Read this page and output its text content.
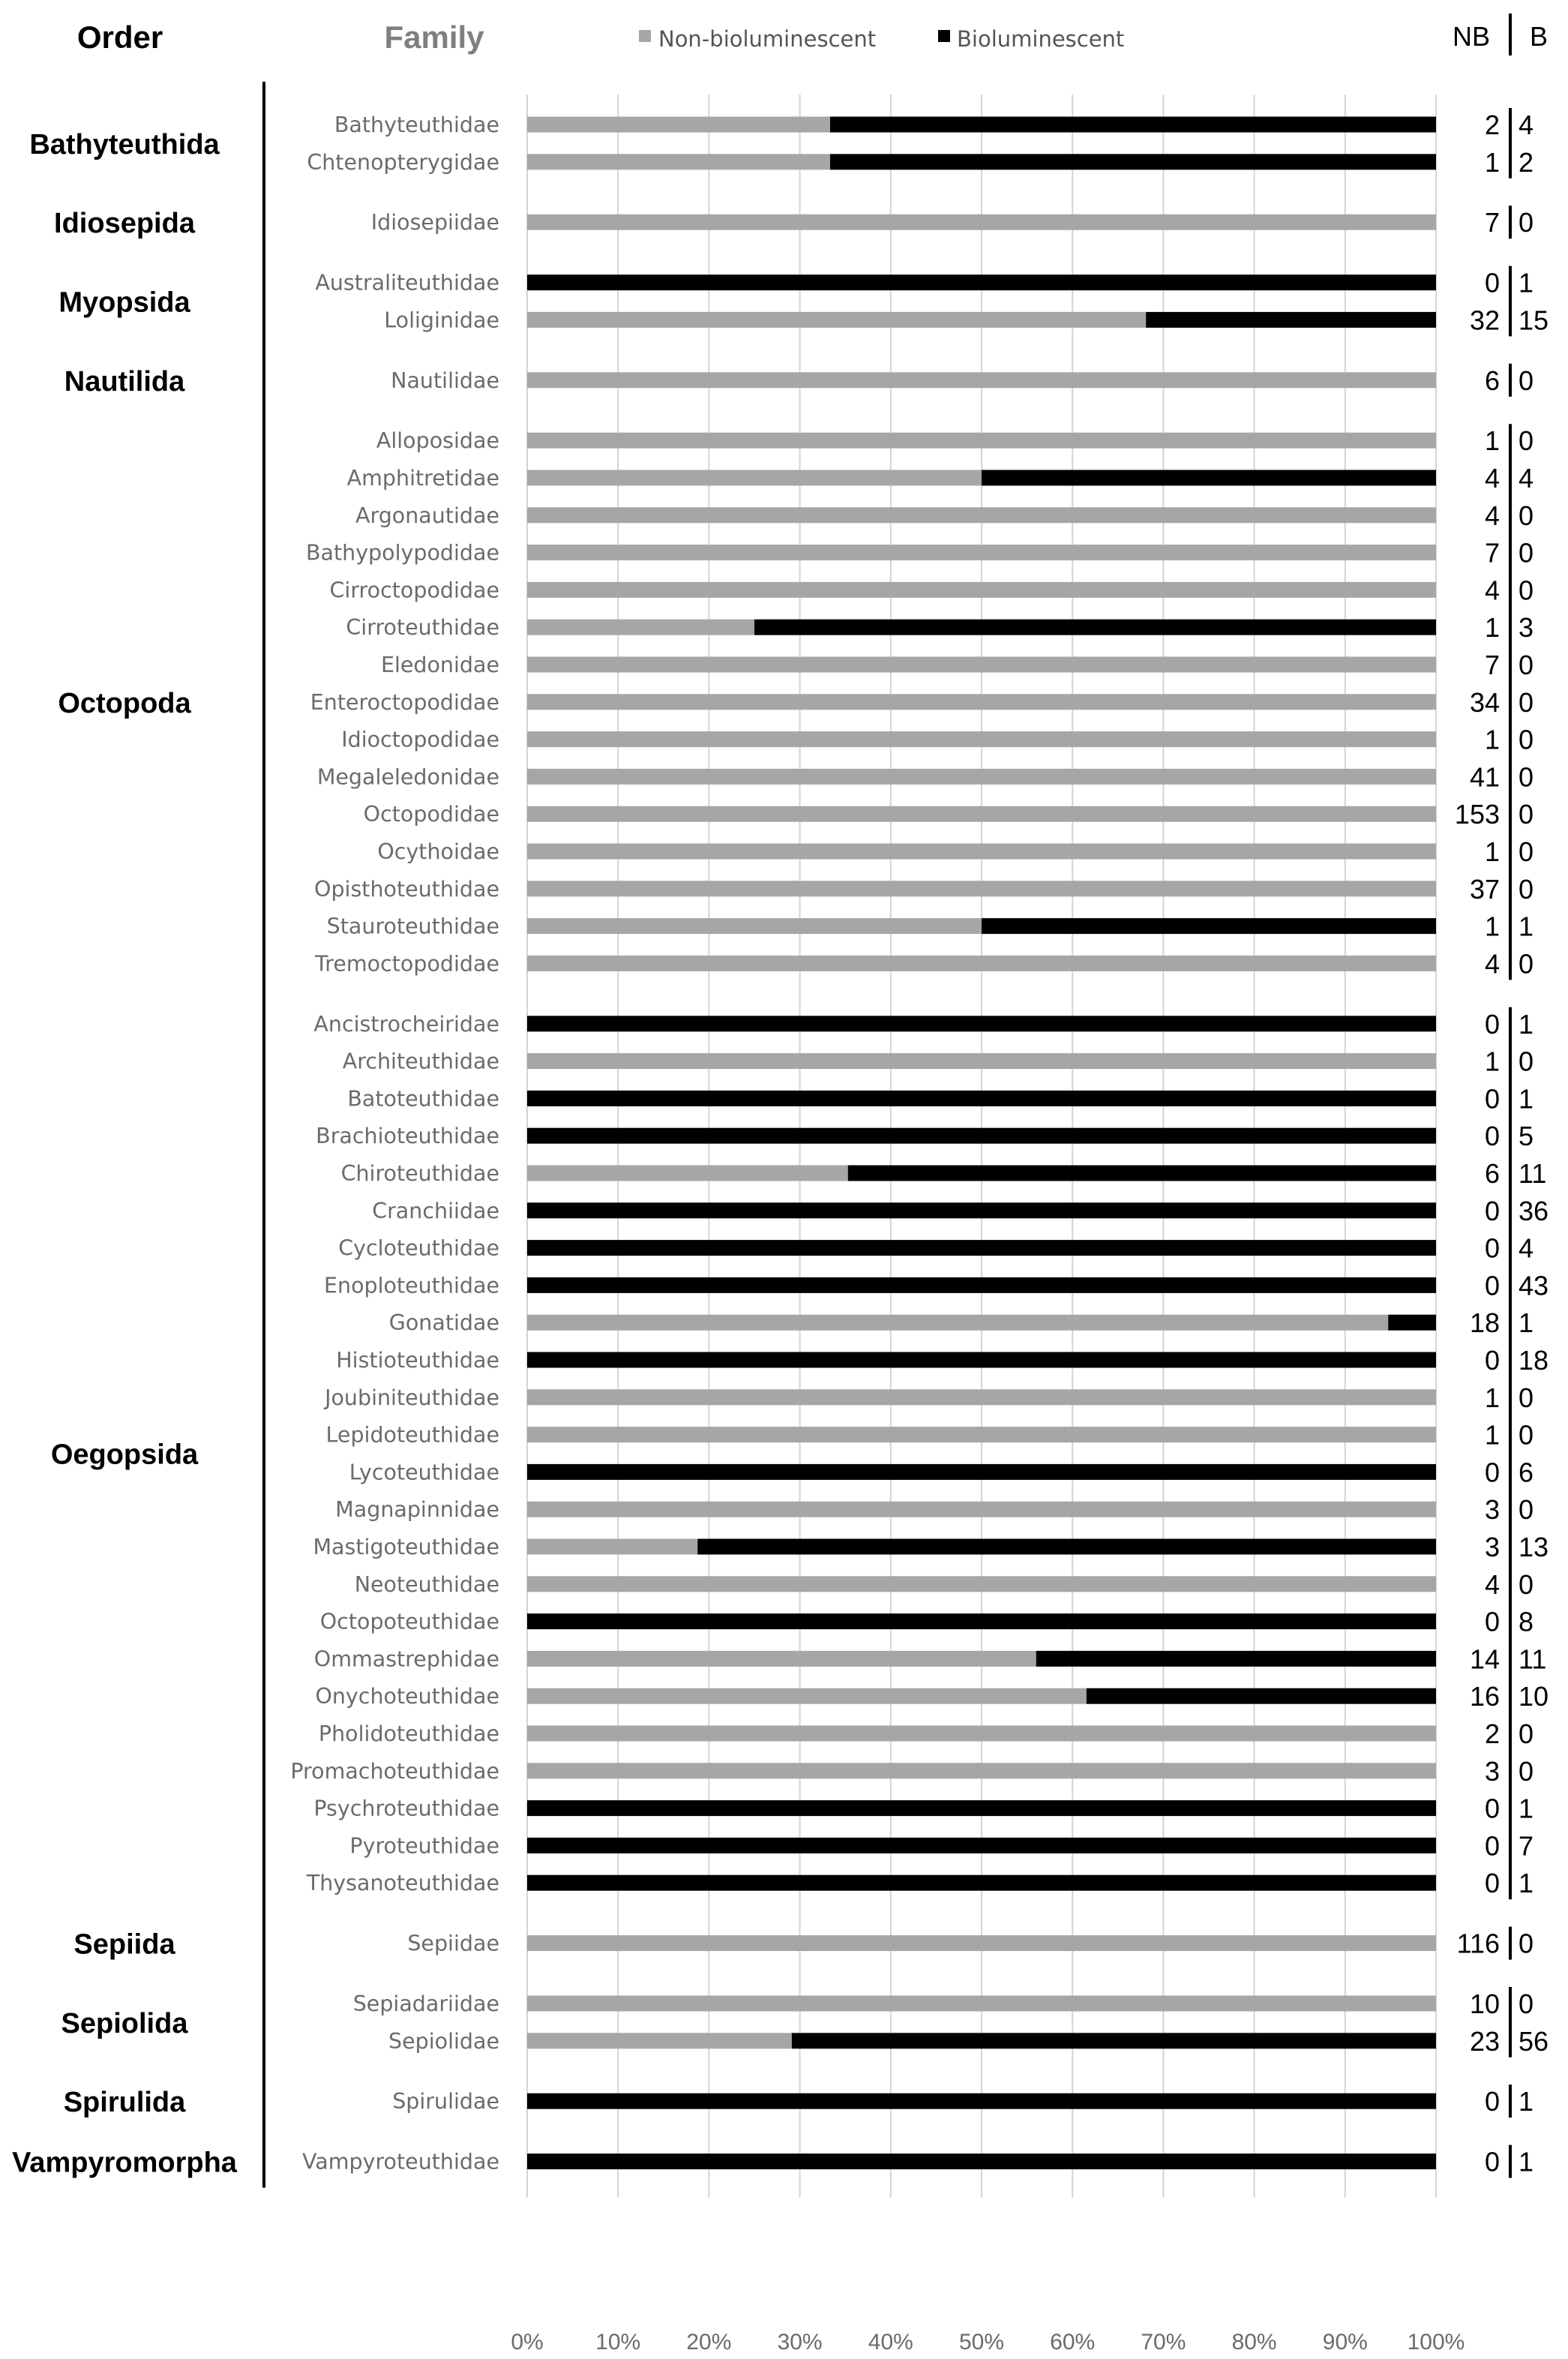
Order	Family	NB B
Non-bioluminescent	Bioluminescent
Bathyteuthidae	2 4
Chtenopterygidae	1 2
Bathyteuthida
Idiosepiidae	7 0
Idiosepida
Australiteuthidae	0 1
Loliginidae	32 15
Myopsida
Nautilidae	6 0
Nautilida
Alloposidae	1 0
Amphitretidae	4 4
Argonautidae	4 0
Bathypolypodidae	7 0
Cirroctopodidae	4 0
Cirroteuthidae	1 3
Eledonidae	7 0
Enteroctopodidae	34 0
Idioctopodidae	1 0
Megaleledonidae	41 0
Octopodidae	153 0
Ocythoidae	1 0
Opisthoteuthidae	37 0
Stauroteuthidae	1 1
Tremoctopodidae	4 0
Octopoda
Ancistrocheiridae	0 1
Architeuthidae	1 0
Batoteuthidae	0 1
Brachioteuthidae	0 5
Chiroteuthidae	6 11
Cranchiidae	0 36
Cycloteuthidae	0 4
Enoploteuthidae	0 43
Gonatidae	18 1
Histioteuthidae	0 18
Joubiniteuthidae	1 0
Lepidoteuthidae	1 0
Lycoteuthidae	0 6
Magnapinnidae	3 0
Mastigoteuthidae	3 13
Neoteuthidae	4 0
Octopoteuthidae	0 8
Ommastrephidae	14 11
Onychoteuthidae	16 10
Pholidoteuthidae	2 0
Promachoteuthidae	3 0
Psychroteuthidae	0 1
Pyroteuthidae	0 7
Thysanoteuthidae	0 1
Oegopsida
Sepiidae	116 0
Sepiida
Sepiadariidae	10 0
Sepiolidae	23 56
Sepiolida
Spirulidae	0 1
Spirulida
Vampyroteuthidae	0 1
Vampyromorpha
0% 10% 20% 30% 40% 50% 60% 70% 80% 90% 100%
